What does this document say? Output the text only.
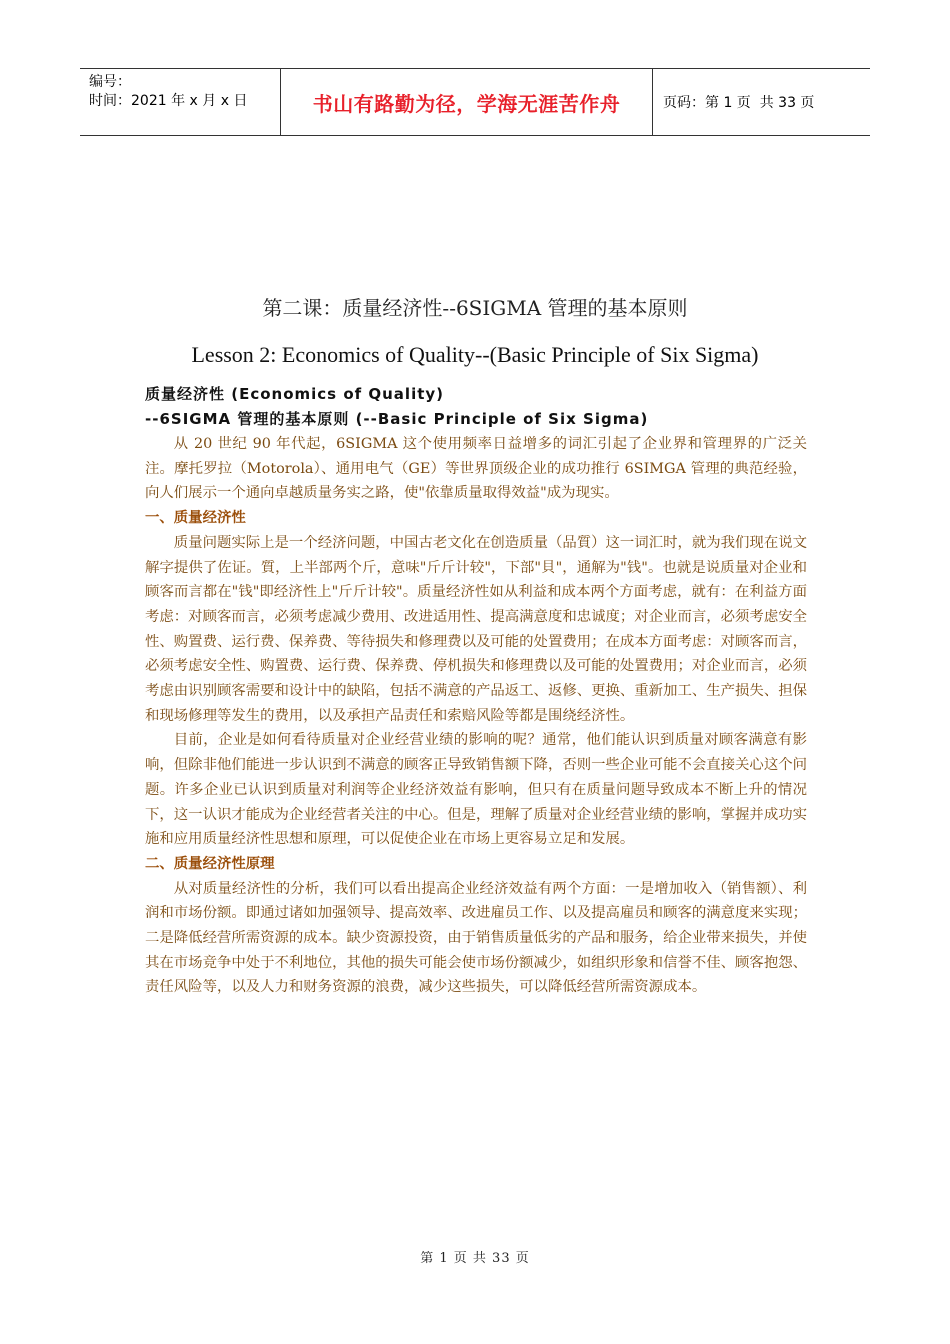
编号：
时间：2021 年 x 月 x 日	书山有路勤为径，学海无涯苦作舟	页码：第 1 页  共 33 页
第二课：质量经济性--6SIGMA 管理的基本原则
Lesson 2: Economics of Quality--(Basic Principle of Six Sigma)

质量经济性 (Economics of Quality)

--6SIGMA 管理的基本原则 (--Basic Principle of Six Sigma)

从 20 世纪 90 年代起，6SIGMA 这个使用频率日益增多的词汇引起了企业界和管理界的广泛关注。摩托罗拉（Motorola）、通用电气（GE）等世界顶级企业的成功推行 6SIMGA 管理的典范经验，向人们展示一个通向卓越质量务实之路，使"依靠质量取得效益"成为现实。

一、质量经济性

质量问题实际上是一个经济问题，中国古老文化在创造质量（品質）这一词汇时，就为我们现在说文解字提供了佐证。質，上半部两个斤，意味"斤斤计较"，下部"貝"，通解为"钱"。也就是说质量对企业和顾客而言都在"钱"即经济性上"斤斤计较"。质量经济性如从利益和成本两个方面考虑，就有：在利益方面考虑：对顾客而言，必须考虑减少费用、改进适用性、提高满意度和忠诚度；对企业而言，必须考虑安全性、购置费、运行费、保养费、等待损失和修理费以及可能的处置费用；在成本方面考虑：对顾客而言，必须考虑安全性、购置费、运行费、保养费、停机损失和修理费以及可能的处置费用；对企业而言，必须考虑由识别顾客需要和设计中的缺陷，包括不满意的产品返工、返修、更换、重新加工、生产损失、担保和现场修理等发生的费用，以及承担产品责任和索赔风险等都是围绕经济性。

目前，企业是如何看待质量对企业经营业绩的影响的呢？通常，他们能认识到质量对顾客满意有影响，但除非他们能进一步认识到不满意的顾客正导致销售额下降，否则一些企业可能不会直接关心这个问题。许多企业已认识到质量对利润等企业经济效益有影响，但只有在质量问题导致成本不断上升的情况下，这一认识才能成为企业经营者关注的中心。但是，理解了质量对企业经营业绩的影响，掌握并成功实施和应用质量经济性思想和原理，可以促使企业在市场上更容易立足和发展。

二、质量经济性原理

从对质量经济性的分析，我们可以看出提高企业经济效益有两个方面：一是增加收入（销售额）、利润和市场份额。即通过诸如加强领导、提高效率、改进雇员工作、以及提高雇员和顾客的满意度来实现；二是降低经营所需资源的成本。缺少资源投资，由于销售质量低劣的产品和服务，给企业带来损失，并使其在市场竞争中处于不利地位，其他的损失可能会使市场份额减少，如组织形象和信誉不佳、顾客抱怨、责任风险等，以及人力和财务资源的浪费，减少这些损失，可以降低经营所需资源成本。

第 1 页 共 33 页
